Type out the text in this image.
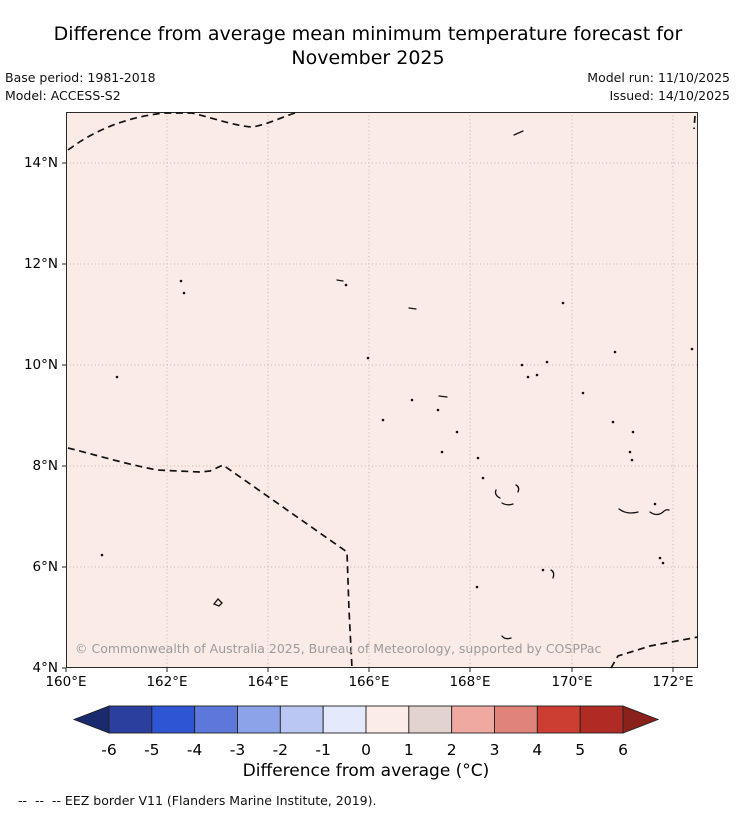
Difference from average mean minimum temperature forecast for
November 2025
Base period: 1981-2018
Model: ACCESS-S2
Model run: 11/10/2025
Issued: 14/10/2025
© Commonwealth of Australia 2025, Bureau of Meteorology, supported by COSPPac
14°N
12°N
10°N
8°N
6°N
4°N
160°E	162°E	164°E	166°E	168°E	170°E	172°E
-6 -5 -4 -3 -2 -1 0 1 2 3 4 5 6
Difference from average (°C)
--  --  -- EEZ border V11 (Flanders Marine Institute, 2019).
